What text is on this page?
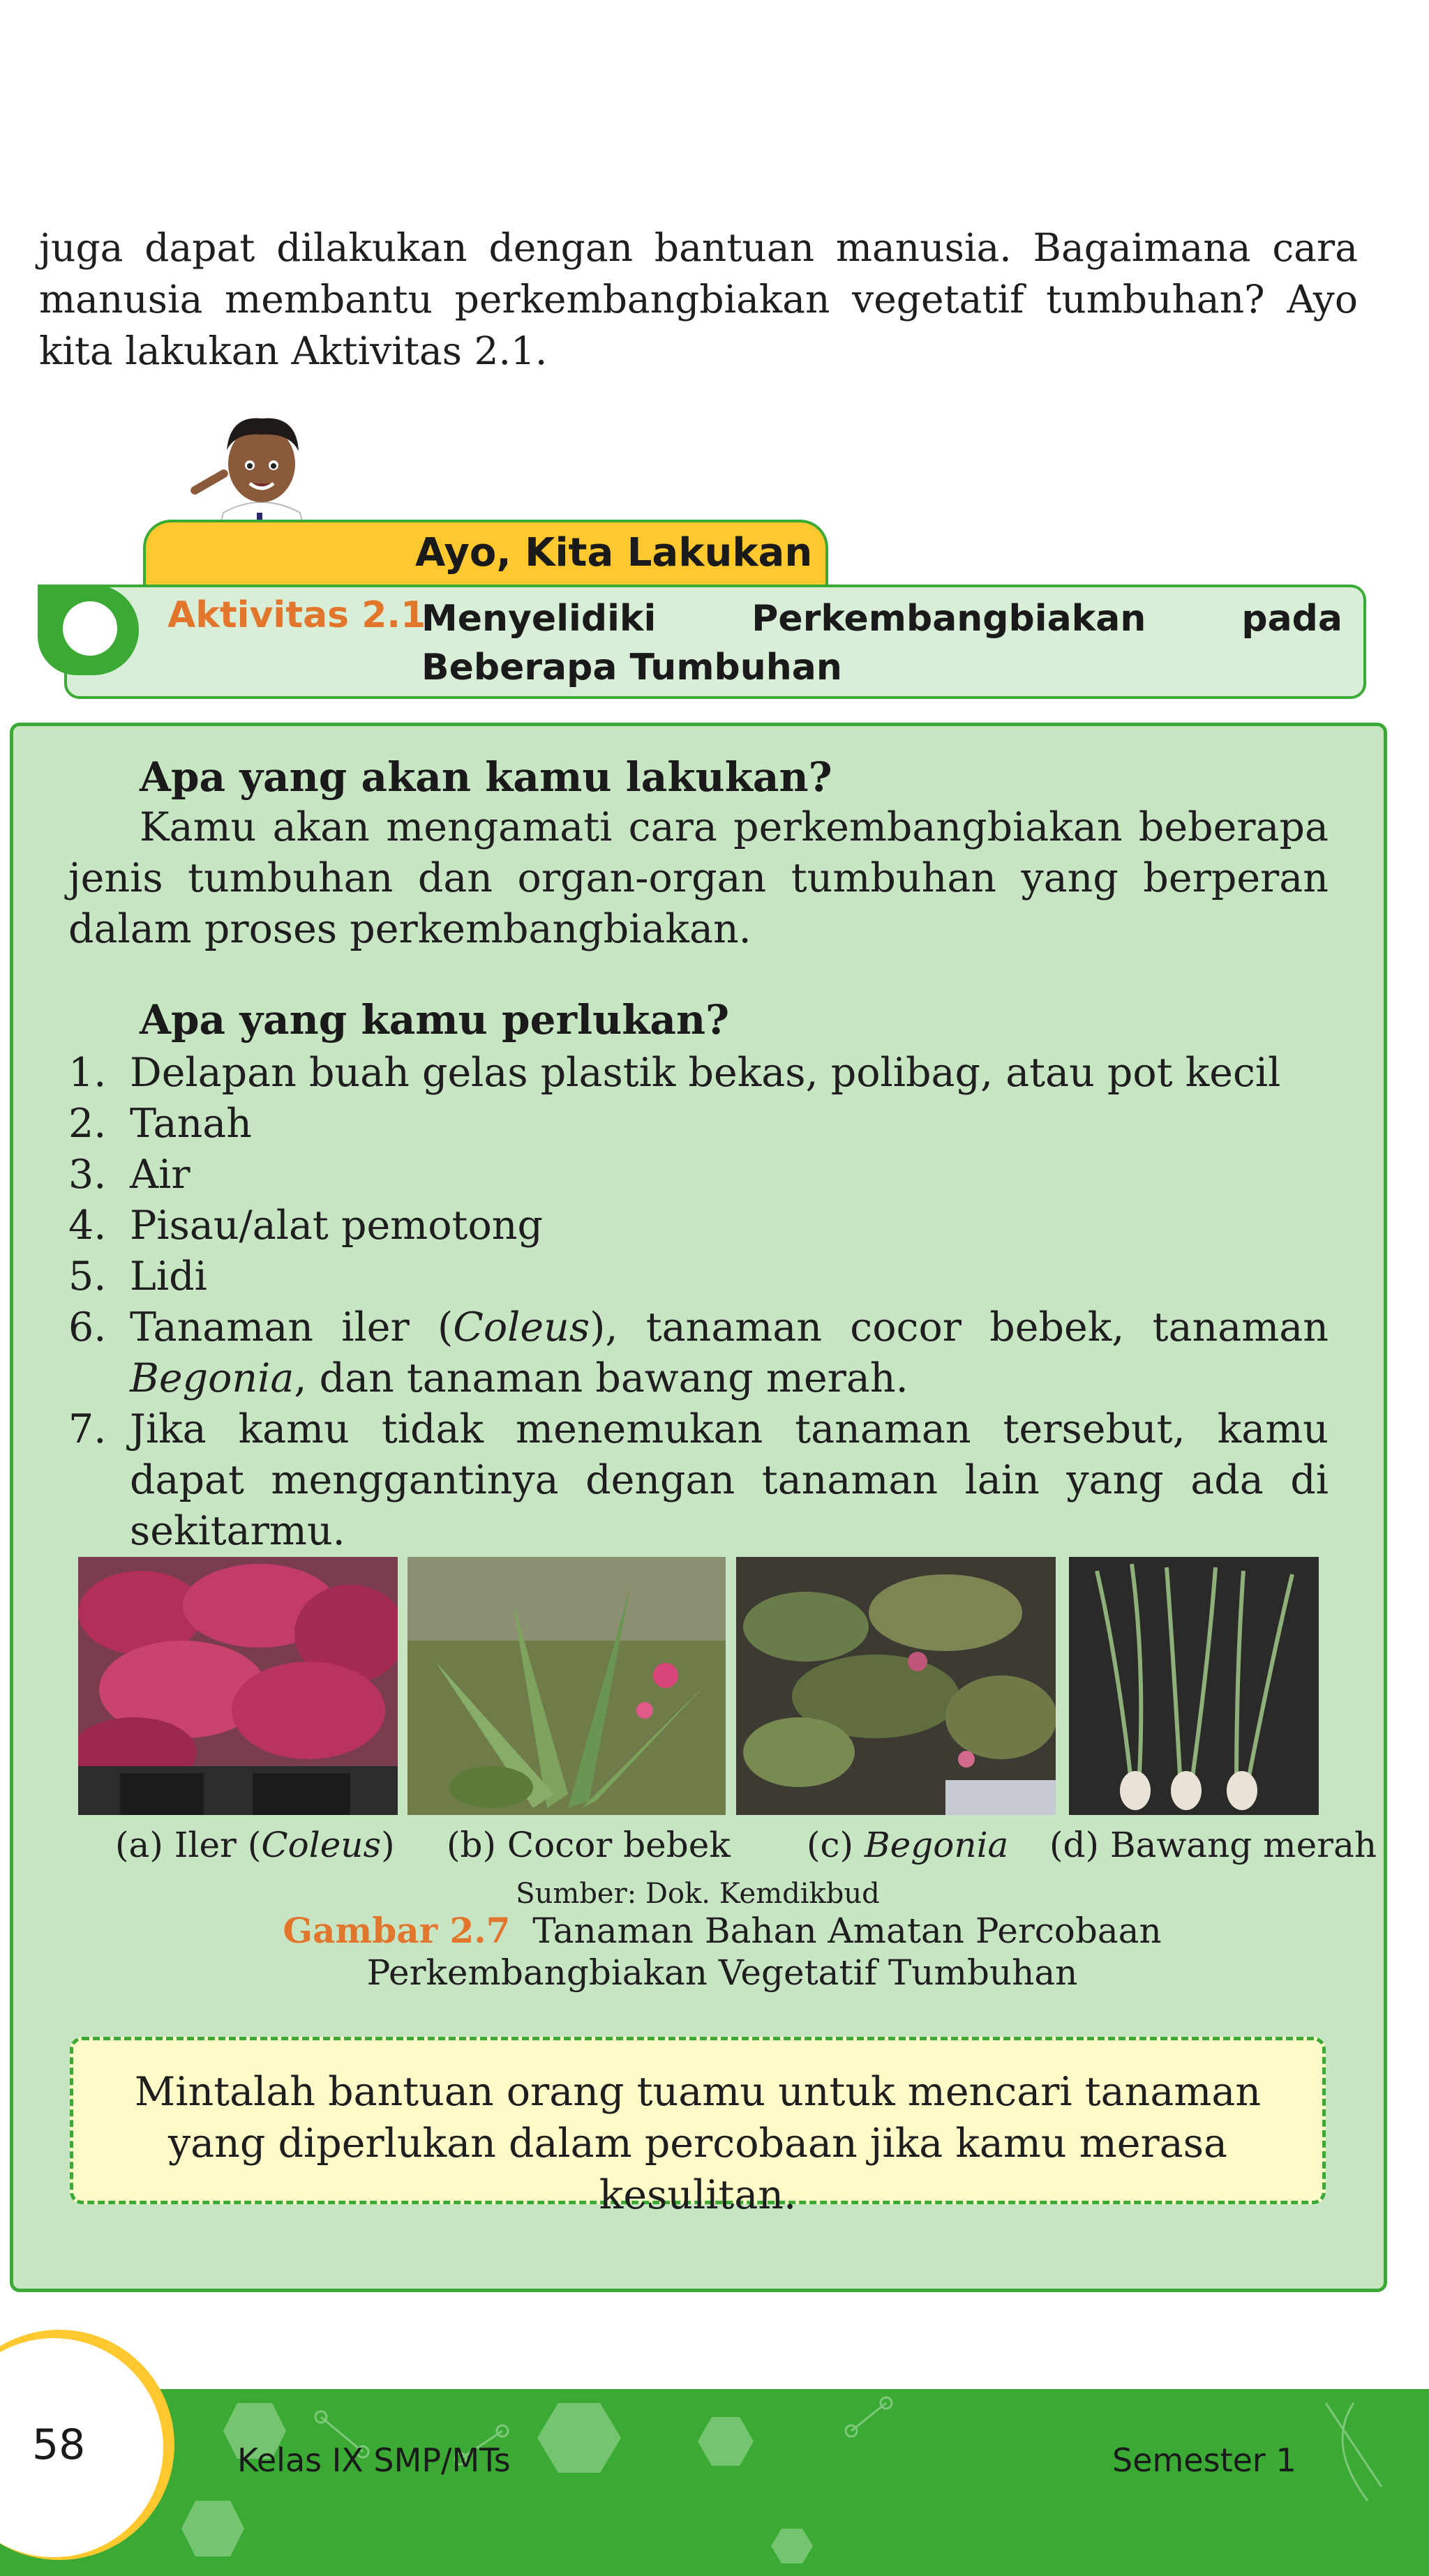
juga dapat dilakukan dengan bantuan manusia. Bagaimana cara manusia membantu perkembangbiakan vegetatif tumbuhan? Ayo kita lakukan Aktivitas 2.1.
Ayo, Kita Lakukan
Aktivitas 2.1
Menyelidiki Perkembangbiakan pada Beberapa Tumbuhan
Apa yang akan kamu lakukan?
Kamu akan mengamati cara perkembangbiakan beberapa jenis tumbuhan dan organ-organ tumbuhan yang berperan dalam proses perkembangbiakan.
Apa yang kamu perlukan?
1. Delapan buah gelas plastik bekas, polibag, atau pot kecil
2. Tanah
3. Air
4. Pisau/alat pemotong
5. Lidi
6. Tanaman iler (Coleus), tanaman cocor bebek, tanaman Begonia, dan tanaman bawang merah.
7. Jika kamu tidak menemukan tanaman tersebut, kamu dapat menggantinya dengan tanaman lain yang ada di sekitarmu.
(a) Iler (Coleus) (b) Cocor bebek (c) Begonia (d) Bawang merah
Sumber: Dok. Kemdikbud
Gambar 2.7 Tanaman Bahan Amatan Percobaan Perkembangbiakan Vegetatif Tumbuhan
Mintalah bantuan orang tuamu untuk mencari tanaman yang diperlukan dalam percobaan jika kamu merasa kesulitan.
58	Kelas IX SMP/MTs	Semester 1
